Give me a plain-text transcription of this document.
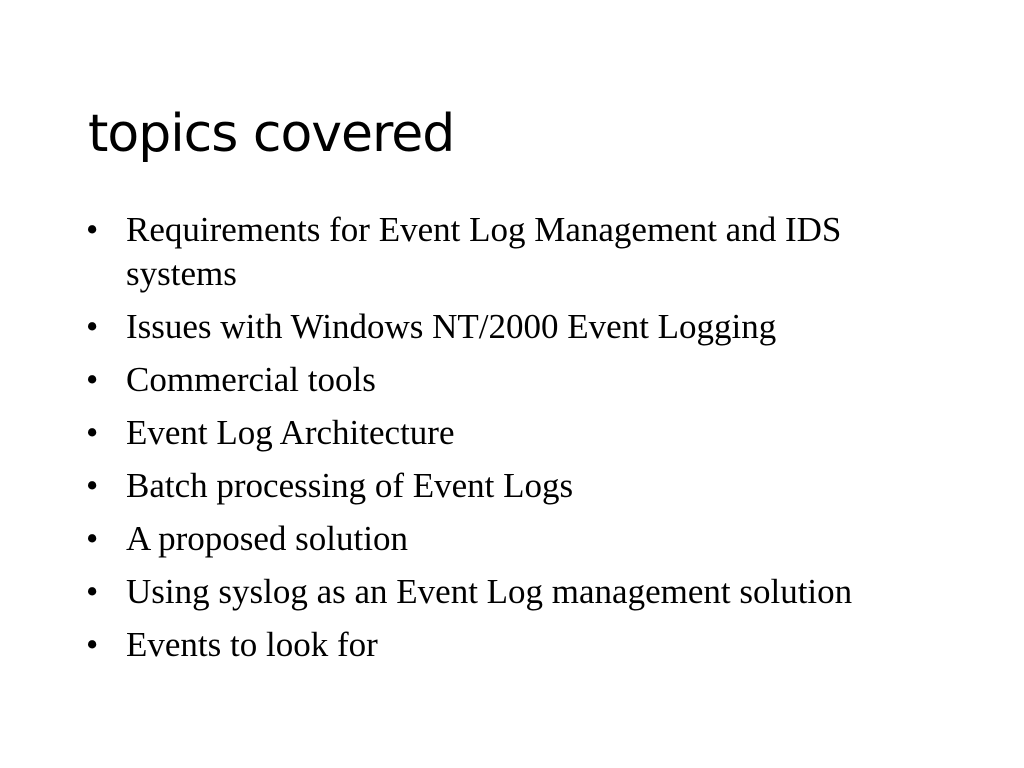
topics covered
• Requirements for Event Log Management and IDS systems
• Issues with Windows NT/2000 Event Logging
• Commercial tools
• Event Log Architecture
• Batch processing of Event Logs
• A proposed solution
• Using syslog as an Event Log management solution
• Events to look for
